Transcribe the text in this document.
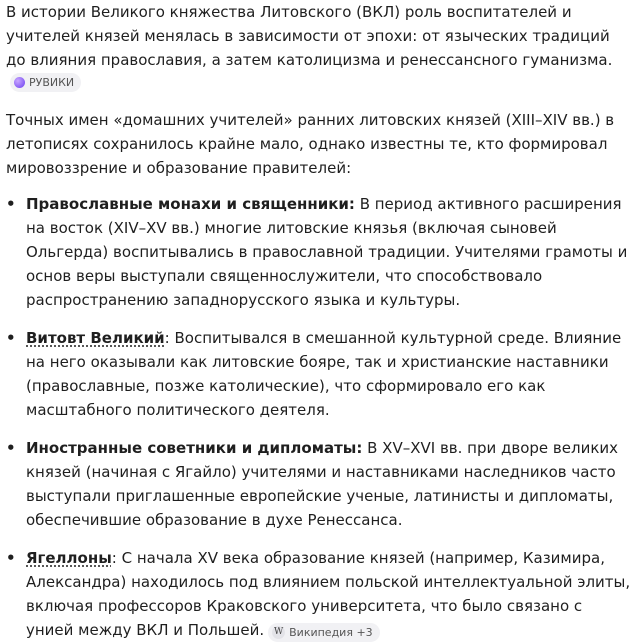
В истории Великого княжества Литовского (ВКЛ) роль воспитателей и учителей князей менялась в зависимости от эпохи: от языческих традиций до влияния православия, а затем католицизма и ренессансного гуманизма.
РУВИКИ

Точных имен «домашних учителей» ранних литовских князей (XIII–XIV вв.) в летописях сохранилось крайне мало, однако известны те, кто формировал мировоззрение и образование правителей:

• Православные монахи и священники: В период активного расширения на восток (XIV–XV вв.) многие литовские князья (включая сыновей Ольгерда) воспитывались в православной традиции. Учителями грамоты и основ веры выступали священнослужители, что способствовало распространению западнорусского языка и культуры.
• Витовт Великий: Воспитывался в смешанной культурной среде. Влияние на него оказывали как литовские бояре, так и христианские наставники (православные, позже католические), что сформировало его как масштабного политического деятеля.
• Иностранные советники и дипломаты: В XV–XVI вв. при дворе великих князей (начиная с Ягайло) учителями и наставниками наследников часто выступали приглашенные европейские ученые, латинисты и дипломаты, обеспечившие образование в духе Ренессанса.
• Ягеллоны: С начала XV века образование князей (например, Казимира, Александра) находилось под влиянием польской интеллектуальной элиты, включая профессоров Краковского университета, что было связано с унией между ВКЛ и Польшей. W Википедия +3
